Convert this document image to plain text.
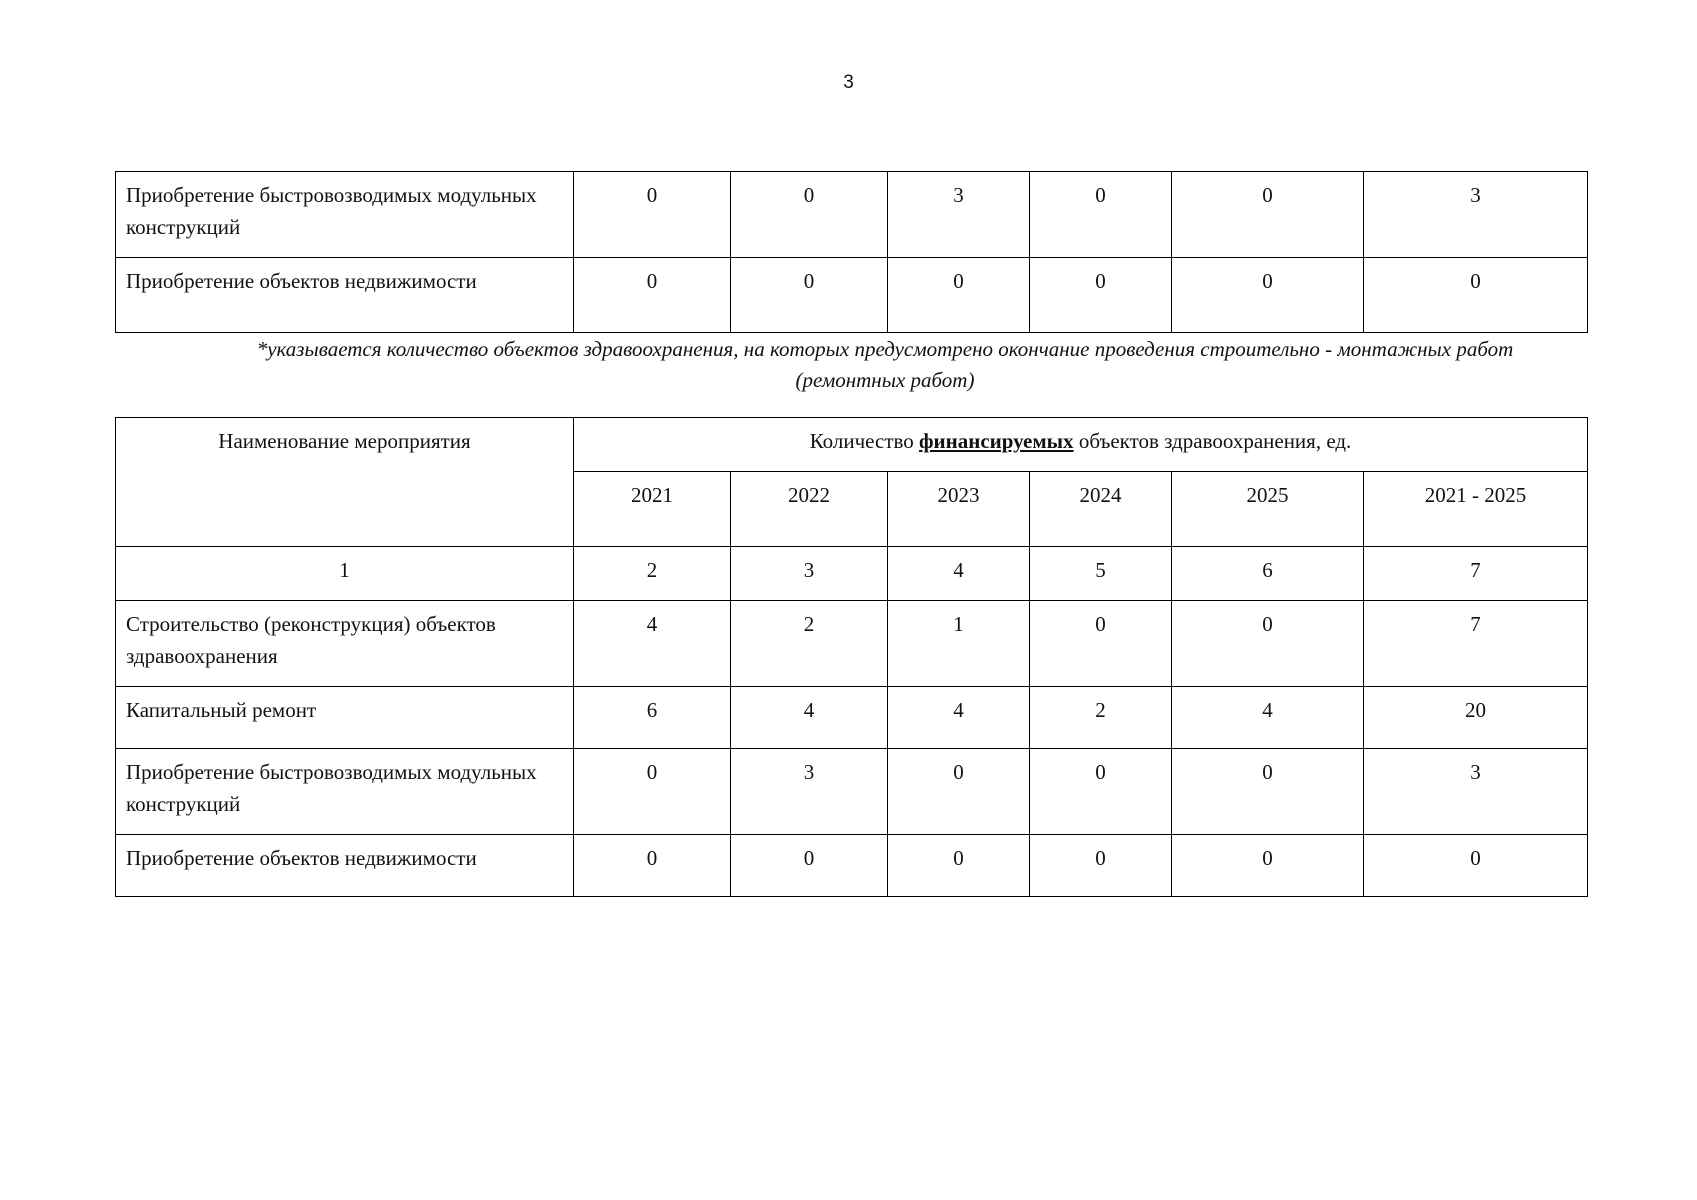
3
Приобретение быстровозводимых модульных конструкций	0	0	3	0	0	3
Приобретение объектов недвижимости	0	0	0	0	0	0
*указывается количество объектов здравоохранения, на которых предусмотрено окончание проведения строительно - монтажных работ (ремонтных работ)
Наименование мероприятия	Количество финансируемых объектов здравоохранения, ед.					
	2021	2022	2023	2024	2025	2021 - 2025
1	2	3	4	5	6	7
Строительство (реконструкция) объектов здравоохранения	4	2	1	0	0	7
Капитальный ремонт	6	4	4	2	4	20
Приобретение быстровозводимых модульных конструкций	0	3	0	0	0	3
Приобретение объектов недвижимости	0	0	0	0	0	0
